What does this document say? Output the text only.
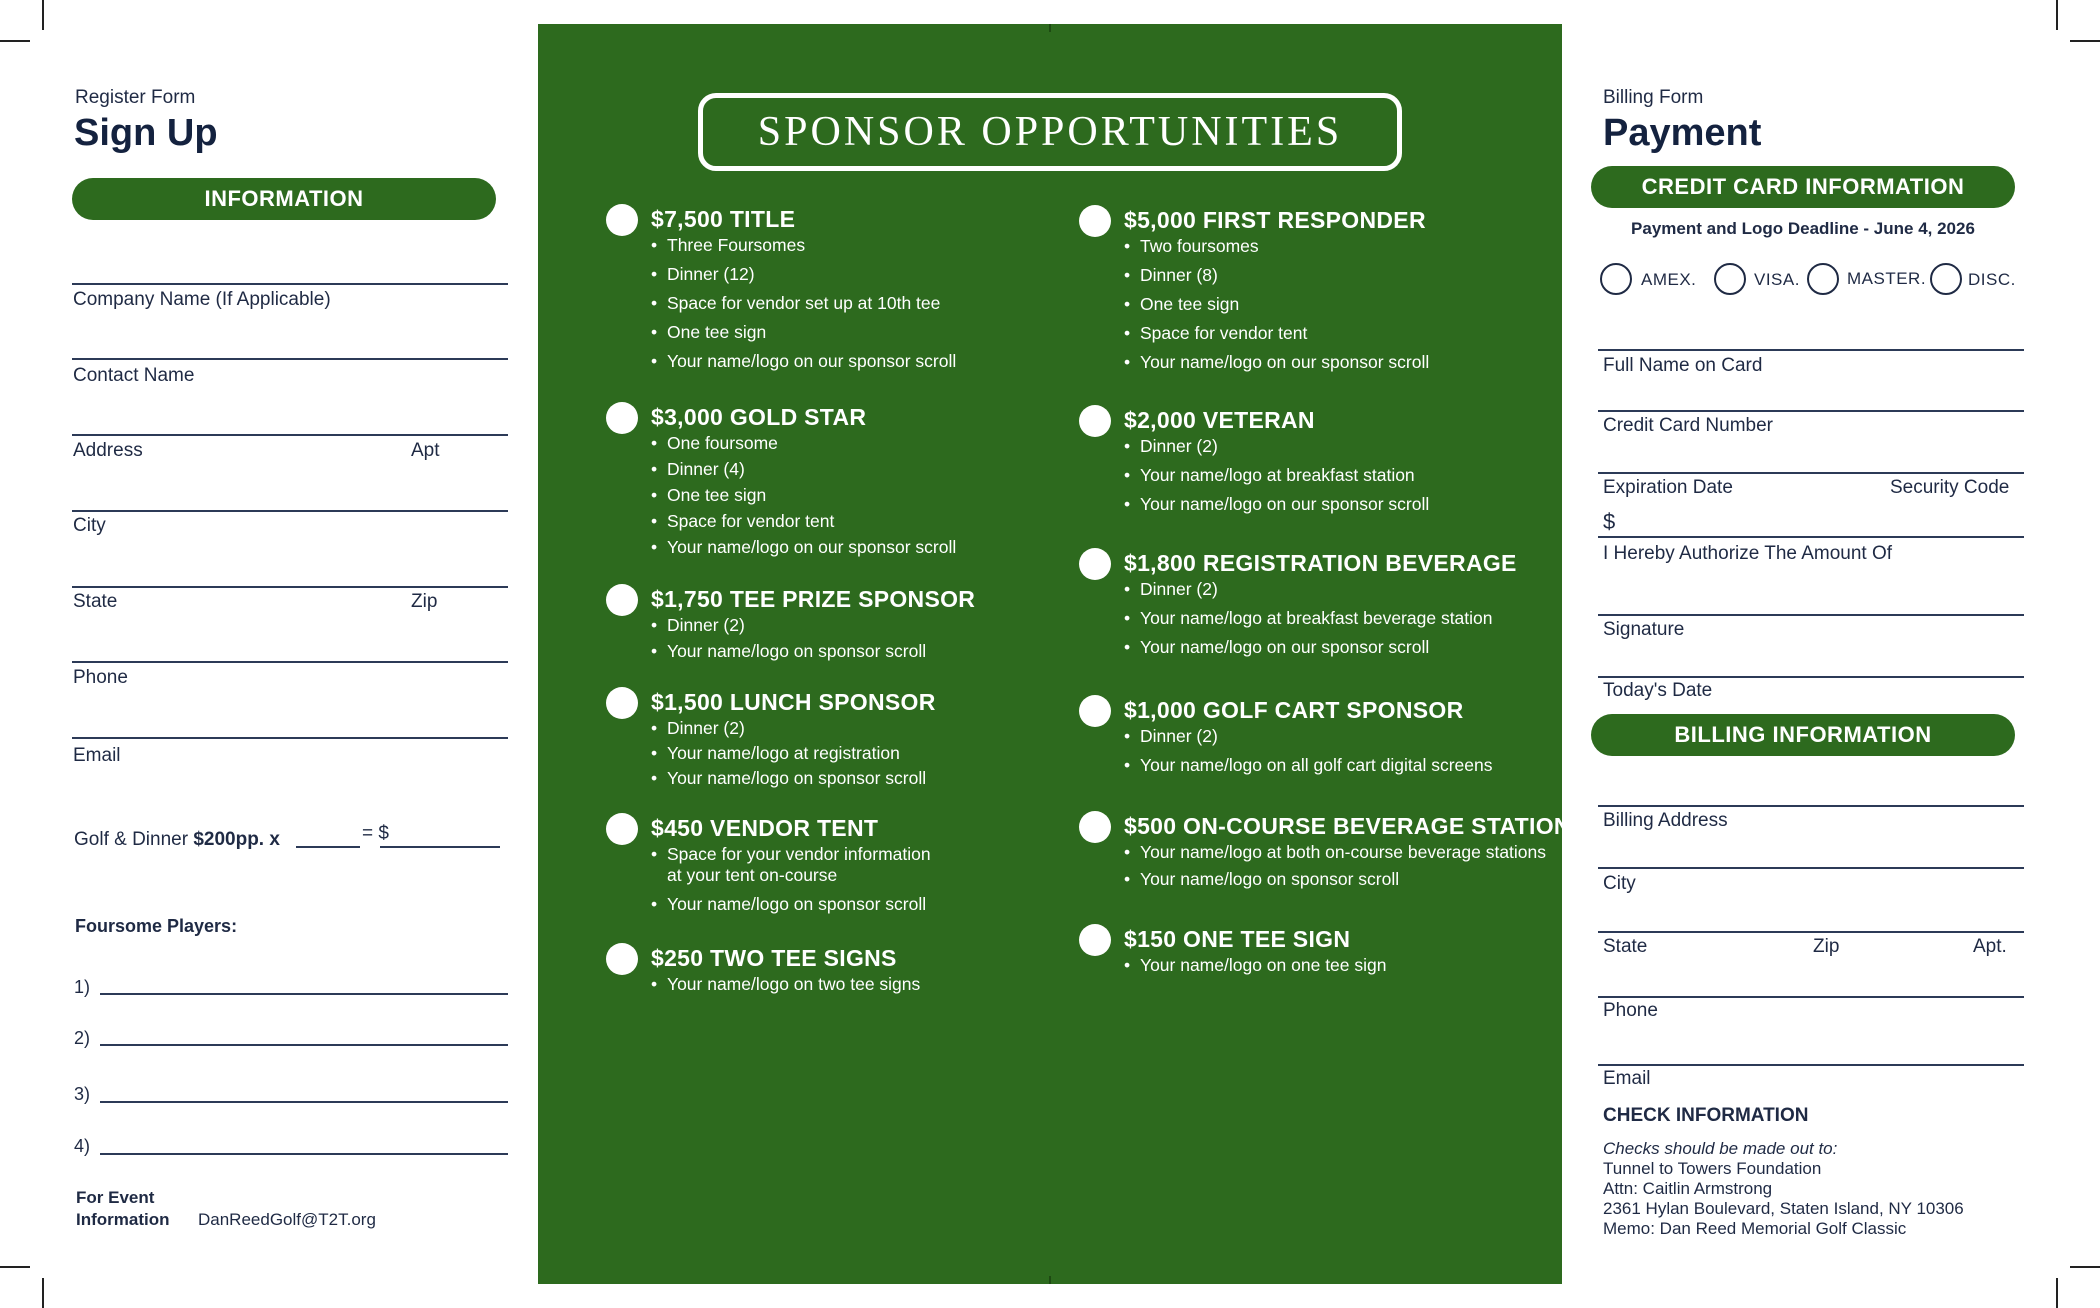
Register Form
Sign Up
INFORMATION
Company Name (If Applicable)
Contact Name
Address	Apt
City
State	Zip
Phone
Email
Golf & Dinner $200pp. x	= $
Foursome Players:
1)
2)
3)
4)
For Event
Information DanReedGolf@T2T.org
SPONSOR OPPORTUNITIES
$7,500 TITLE
• Three Foursomes
• Dinner (12)
• Space for vendor set up at 10th tee
• One tee sign
• Your name/logo on our sponsor scroll
$3,000 GOLD STAR
• One foursome
• Dinner (4)
• One tee sign
• Space for vendor tent
• Your name/logo on our sponsor scroll
$1,750 TEE PRIZE SPONSOR
• Dinner (2)
• Your name/logo on sponsor scroll
$1,500 LUNCH SPONSOR
• Dinner (2)
• Your name/logo at registration
• Your name/logo on sponsor scroll
$450 VENDOR TENT
• Space for your vendor information
at your tent on-course
• Your name/logo on sponsor scroll
$250 TWO TEE SIGNS
• Your name/logo on two tee signs
$5,000 FIRST RESPONDER
• Two foursomes
• Dinner (8)
• One tee sign
• Space for vendor tent
• Your name/logo on our sponsor scroll
$2,000 VETERAN
• Dinner (2)
• Your name/logo at breakfast station
• Your name/logo on our sponsor scroll
$1,800 REGISTRATION BEVERAGE
• Dinner (2)
• Your name/logo at breakfast beverage station
• Your name/logo on our sponsor scroll
$1,000 GOLF CART SPONSOR
• Dinner (2)
• Your name/logo on all golf cart digital screens
$500 ON-COURSE BEVERAGE STATION
• Your name/logo at both on-course beverage stations
• Your name/logo on sponsor scroll
$150 ONE TEE SIGN
• Your name/logo on one tee sign
Billing Form
Payment
CREDIT CARD INFORMATION
Payment and Logo Deadline - June 4, 2026
AMEX.	VISA.	MASTER. DISC.
Full Name on Card
Credit Card Number
Expiration Date	Security Code
$
I Hereby Authorize The Amount Of
Signature
Today's Date
BILLING INFORMATION
Billing Address
City
State	Zip	Apt.
Phone
Email
CHECK INFORMATION
Checks should be made out to:
Tunnel to Towers Foundation
Attn: Caitlin Armstrong
2361 Hylan Boulevard, Staten Island, NY 10306
Memo: Dan Reed Memorial Golf Classic
